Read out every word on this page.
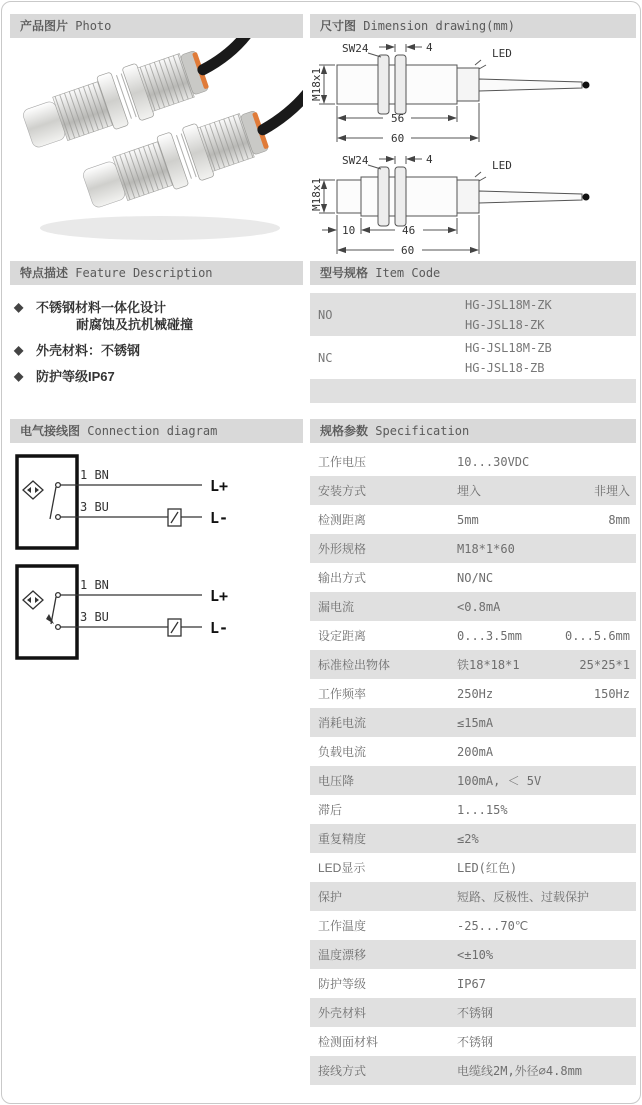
产品图片 Photo	尺寸图 Dimension drawing(mm)
SW24	4	LED
M18x1
56
60

SW24	4	LED
M18x1
10	46
60
特点描述 Feature Description
◆ 不锈钢材料一体化设计
耐腐蚀及抗机械碰撞
◆ 外壳材料：不锈钢
◆ 防护等级IP67
型号规格 Item Code
NO
HG-JSL18M-ZK
HG-JSL18-ZK
NC
HG-JSL18M-ZB
HG-JSL18-ZB
电气接线图 Connection diagram
1 BN
3 BU
L+
L-
1 BN
3 BU
L+
L-
规格参数 Specification
工作电压	10...30VDC
安装方式	埋入	非埋入
检测距离	5mm	8mm
外形规格	M18*1*60
输出方式	NO/NC
漏电流	<0.8mA
设定距离	0...3.5mm	0...5.6mm
标准检出物体	铁18*18*1	25*25*1
工作频率	250Hz	150Hz
消耗电流	≤15mA
负载电流	200mA
电压降	100mA, ＜ 5V
滞后	1...15%
重复精度	≤2%
LED显示	LED(红色)
保护	短路、反极性、过载保护
工作温度	-25...70℃
温度漂移	<±10%
防护等级	IP67
外壳材料	不锈钢
检测面材料	不锈钢
接线方式	电缆线2M,外径∅4.8mm
